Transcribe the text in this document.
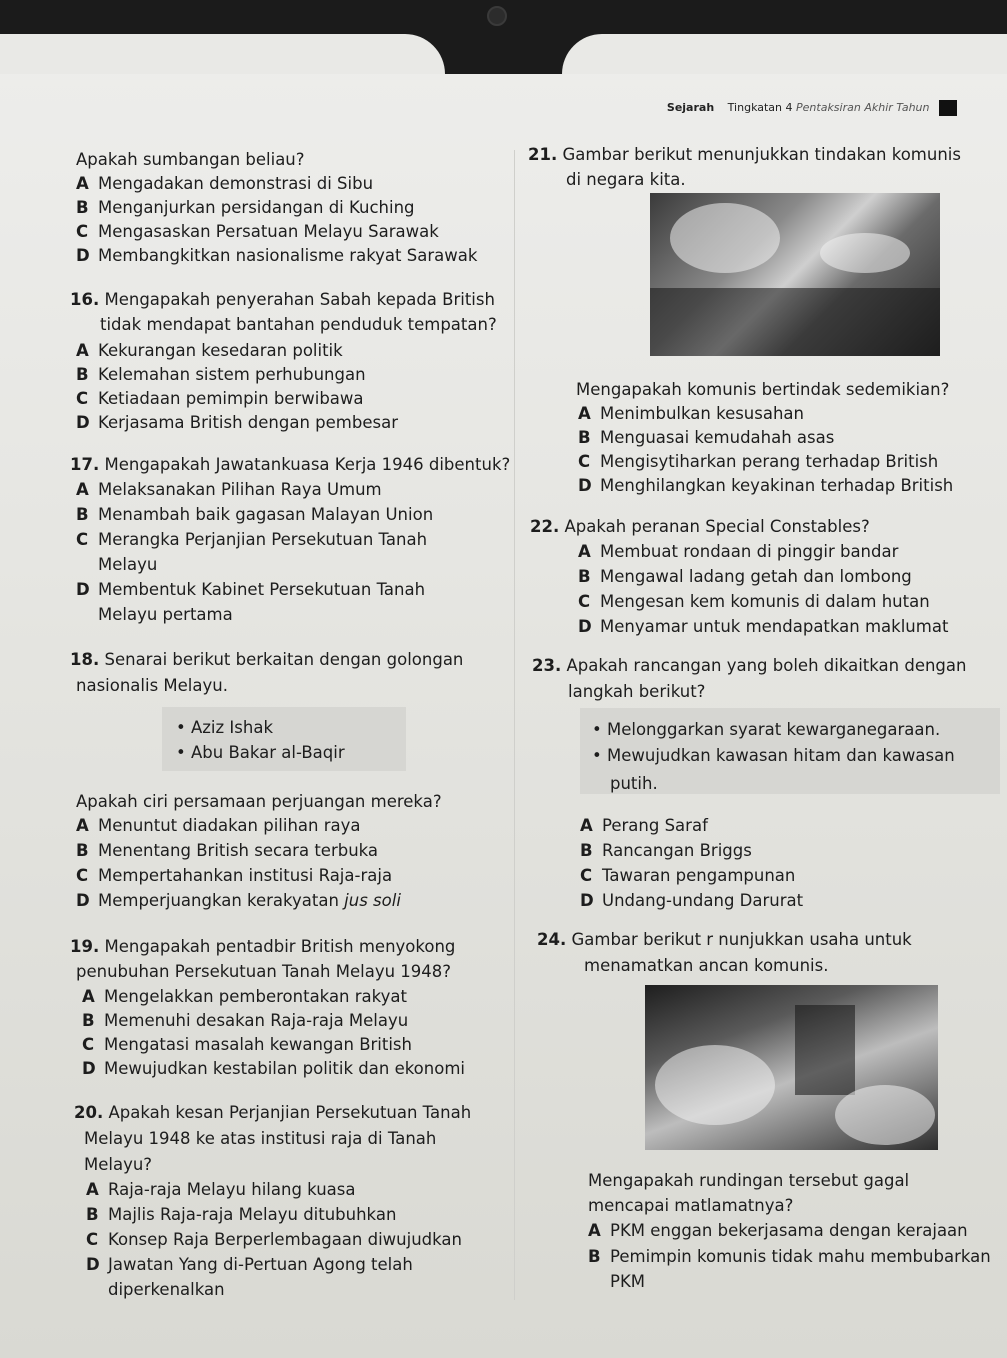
Sejarah Tingkatan 4 Pentaksiran Akhir Tahun
Apakah sumbangan beliau?
A Mengadakan demonstrasi di Sibu
B Menganjurkan persidangan di Kuching
C Mengasaskan Persatuan Melayu Sarawak
D Membangkitkan nasionalisme rakyat Sarawak
16. Mengapakah penyerahan Sabah kepada British
tidak mendapat bantahan penduduk tempatan?
A Kekurangan kesedaran politik
B Kelemahan sistem perhubungan
C Ketiadaan pemimpin berwibawa
D Kerjasama British dengan pembesar
17. Mengapakah Jawatankuasa Kerja 1946 dibentuk?
A Melaksanakan Pilihan Raya Umum
B Menambah baik gagasan Malayan Union
C Merangka Perjanjian Persekutuan Tanah
Melayu
D Membentuk Kabinet Persekutuan Tanah
Melayu pertama
18. Senarai berikut berkaitan dengan golongan
nasionalis Melayu.
• Aziz Ishak
• Abu Bakar al-Baqir
Apakah ciri persamaan perjuangan mereka?
A Menuntut diadakan pilihan raya
B Menentang British secara terbuka
C Mempertahankan institusi Raja-raja
D Memperjuangkan kerakyatan jus soli
19. Mengapakah pentadbir British menyokong
penubuhan Persekutuan Tanah Melayu 1948?
A Mengelakkan pemberontakan rakyat
B Memenuhi desakan Raja-raja Melayu
C Mengatasi masalah kewangan British
D Mewujudkan kestabilan politik dan ekonomi
20. Apakah kesan Perjanjian Persekutuan Tanah
Melayu 1948 ke atas institusi raja di Tanah
Melayu?
A Raja-raja Melayu hilang kuasa
B Majlis Raja-raja Melayu ditubuhkan
C Konsep Raja Berperlembagaan diwujudkan
D Jawatan Yang di-Pertuan Agong telah
diperkenalkan
21. Gambar berikut menunjukkan tindakan komunis
di negara kita.
Mengapakah komunis bertindak sedemikian?
A Menimbulkan kesusahan
B Menguasai kemudahah asas
C Mengisytiharkan perang terhadap British
D Menghilangkan keyakinan terhadap British
22. Apakah peranan Special Constables?
A Membuat rondaan di pinggir bandar
B Mengawal ladang getah dan lombong
C Mengesan kem komunis di dalam hutan
D Menyamar untuk mendapatkan maklumat
23. Apakah rancangan yang boleh dikaitkan dengan
langkah berikut?
• Melonggarkan syarat kewarganegaraan.
• Mewujudkan kawasan hitam dan kawasan
putih.
A Perang Saraf
B Rancangan Briggs
C Tawaran pengampunan
D Undang-undang Darurat
24. Gambar berikut r nunjukkan usaha untuk
menamatkan ancan komunis.
Mengapakah rundingan tersebut gagal
mencapai matlamatnya?
A PKM enggan bekerjasama dengan kerajaan
B Pemimpin komunis tidak mahu membubarkan
PKM
